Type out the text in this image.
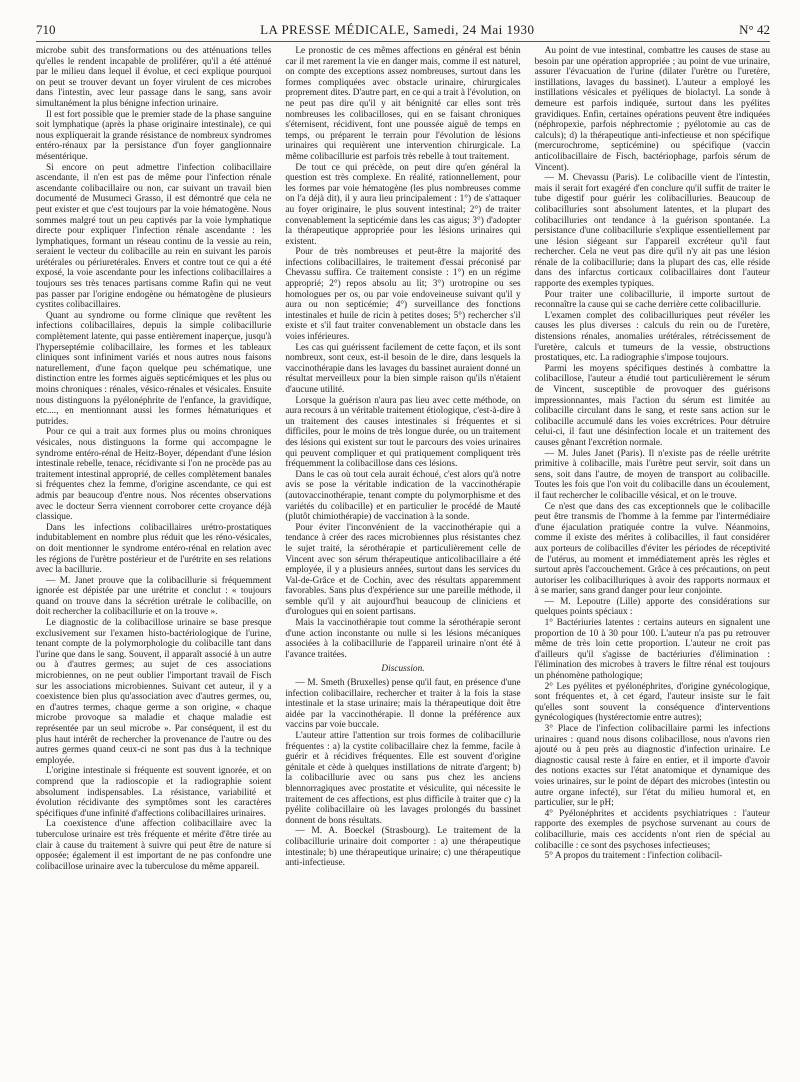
710	LA PRESSE MÉDICALE, Samedi, 24 Mai 1930	N° 42

microbe subit des transformations ou des atténuations telles qu'elles le rendent incapable de proliférer, qu'il a été atténué par le milieu dans lequel il évolue, et ceci explique pourquoi on peut se trouver devant un foyer virulent de ces microbes dans l'intestin, avec leur passage dans le sang, sans avoir simultanément la plus bénigne infection urinaire.

Il est fort possible que le premier stade de la phase sanguine soit lymphatique (après la phase originaire intestinale), ce qui nous expliquerait la grande résistance de nombreux syndromes entéro-rénaux par la persistance d'un foyer ganglionnaire mésentérique.

Si encore on peut admettre l'infection colibacillaire ascendante, il n'en est pas de même pour l'infection rénale ascendante colibacillaire ou non, car suivant un travail bien documenté de Musumeci Grasso, il est démontré que cela ne peut exister et que c'est toujours par la voie hématogène. Nous sommes malgré tout un peu captivés par la voie lymphatique directe pour expliquer l'infection rénale ascendante : les lymphatiques, formant un réseau continu de la vessie au rein, seraient le vecteur du colibacille au rein en suivant les parois urétérales ou périuretérales. Envers et contre tout ce qui a été exposé, la voie ascendante pour les infections colibacillaires a toujours ses très tenaces partisans comme Rafin qui ne veut pas passer par l'origine endogène ou hématogène de plusieurs cystites colibacillaires.

Quant au syndrome ou forme clinique que revêtent les infections colibacillaires, depuis la simple colibacillurie complètement latente, qui passe entièrement inaperçue, jusqu'à l'hyperseptémie colibacillaire, les formes et les tableaux cliniques sont infiniment variés et nous autres nous faisons naturellement, d'une façon quelque peu schématique, une distinction entre les formes aiguës septicémiques et les plus ou moins chroniques : rénales, vésico-rénales et vésicales. Ensuite nous distinguons la pyélonéphrite de l'enfance, la gravidique, etc...., en mentionnant aussi les formes hématuriques et putrides.

Pour ce qui a trait aux formes plus ou moins chroniques vésicales, nous distinguons la forme qui accompagne le syndrome entéro-rénal de Heitz-Boyer, dépendant d'une lésion intestinale rebelle, tenace, récidivante si l'on ne procède pas au traitement intestinal approprié, de celles complètement banales si fréquentes chez la femme, d'origine ascendante, ce qui est admis par beaucoup d'entre nous. Nos récentes observations avec le docteur Serra viennent corroborer cette croyance déjà classique.

Dans les infections colibacillaires urétro-prostatiques indubitablement en nombre plus réduit que les réno-vésicales, on doit mentionner le syndrome entéro-rénal en relation avec les régions de l'urètre postérieur et de l'urétrite en ses relations avec la bacillurie.

— M. Janet prouve que la colibacillurie si fréquemment ignorée est dépistée par une urétrite et conclut : « toujours quand on trouve dans la sécrétion urétrale le colibacille, on doit rechercher la colibacillurie et on la trouve ».

Le diagnostic de la colibacillose urinaire se base presque exclusivement sur l'examen histo-bactériologique de l'urine, tenant compte de la polymorphologie du colibacille tant dans l'urine que dans le sang. Souvent, il apparaît associé à un autre ou à d'autres germes; au sujet de ces associations microbiennes, on ne peut oublier l'important travail de Fisch sur les associations microbiennes. Suivant cet auteur, il y a coexistence bien plus qu'association avec d'autres germes, ou, en d'autres termes, chaque germe a son origine, « chaque microbe provoque sa maladie et chaque maladie est représentée par un seul microbe ». Par conséquent, il est du plus haut intérêt de rechercher la provenance de l'autre ou des autres germes quand ceux-ci ne sont pas dus à la technique employée.

L'origine intestinale si fréquente est souvent ignorée, et on comprend que la radioscopie et la radiographie soient absolument indispensables. La résistance, variabilité et évolution récidivante des symptômes sont les caractères spécifiques d'une infinité d'affections colibacillaires urinaires.

La coexistence d'une affection colibacillaire avec la tuberculose urinaire est très fréquente et mérite d'être tirée au clair à cause du traitement à suivre qui peut être de nature si opposée; également il est important de ne pas confondre une colibacillose urinaire avec la tuberculose du même appareil.

Le pronostic de ces mêmes affections en général est bénin car il met rarement la vie en danger mais, comme il est naturel, on compte des exceptions assez nombreuses, surtout dans les formes compliquées avec obstacle urinaire, chirurgicales proprement dites. D'autre part, en ce qui a trait à l'évolution, on ne peut pas dire qu'il y ait bénignité car elles sont très nombreuses les colibacilloses, qui en se faisant chroniques s'éternisent, récidivent, font une poussée aiguë de temps en temps, ou préparent le terrain pour l'évolution de lésions urinaires qui requièrent une intervention chirurgicale. La même colibacillurie est parfois très rebelle à tout traitement.

De tout ce qui précède, on peut dire qu'en général la question est très complexe. En réalité, rationnellement, pour les formes par voie hématogène (les plus nombreuses comme on l'a déjà dit), il y aura lieu principalement : 1°) de s'attaquer au foyer originaire, le plus souvent intestinal; 2°) de traiter convenablement la septicémie dans les cas aigus; 3°) d'adopter la thérapeutique appropriée pour les lésions urinaires qui existent.

Pour de très nombreuses et peut-être la majorité des infections colibacillaires, le traitement d'essai préconisé par Chevassu suffira. Ce traitement consiste : 1°) en un régime approprié; 2°) repos absolu au lit; 3°) urotropine ou ses homologues per os, ou par voie endoveineuse suivant qu'il y aura ou non septicémie; 4°) surveillance des fonctions intestinales et huile de ricin à petites doses; 5°) rechercher s'il existe et s'il faut traiter convenablement un obstacle dans les voies inférieures.

Les cas qui guérissent facilement de cette façon, et ils sont nombreux, sont ceux, est-il besoin de le dire, dans lesquels la vaccinothérapie dans les lavages du bassinet auraient donné un résultat merveilleux pour la bien simple raison qu'ils n'étaient d'aucune utilité.

Lorsque la guérison n'aura pas lieu avec cette méthode, on aura recours à un véritable traitement étiologique, c'est-à-dire à un traitement des causes intestinales si fréquentes et si difficiles, pour le moins de très longue durée, ou un traitement des lésions qui existent sur tout le parcours des voies urinaires qui peuvent compliquer et qui pratiquement compliquent très fréquemment la colibacillose dans ces lésions.

Dans le cas où tout cela aurait échoué, c'est alors qu'à notre avis se pose la véritable indication de la vaccinothérapie (autovaccinothérapie, tenant compte du polymorphisme et des variétés du colibacille) et en particulier le procédé de Mauté (plutôt chimiothérapie) de vaccination à la sonde.

Pour éviter l'inconvénient de la vaccinothérapie qui a tendance à créer des races microbiennes plus résistantes chez le sujet traité, la sérothérapie et particulièrement celle de Vincent avec son sérum thérapeutique anticolibacillaire a été employée, il y a plusieurs années, surtout dans les services du Val-de-Grâce et de Cochin, avec des résultats apparemment favorables. Sans plus d'expérience sur une pareille méthode, il semble qu'il y ait aujourd'hui beaucoup de cliniciens et d'urologues qui en soient partisans.

Mais la vaccinothérapie tout comme la sérothérapie seront d'une action inconstante ou nulle si les lésions mécaniques associées à la colibacillurie de l'appareil urinaire n'ont été à l'avance traitées.

Discussion.

— M. Smeth (Bruxelles) pense qu'il faut, en présence d'une infection colibacillaire, rechercher et traiter à la fois la stase intestinale et la stase urinaire; mais la thérapeutique doit être aidée par la vaccinothérapie. Il donne la préférence aux vaccins par voie buccale.

L'auteur attire l'attention sur trois formes de colibacillurie fréquentes : a) la cystite colibacillaire chez la femme, facile à guérir et à récidives fréquentes. Elle est souvent d'origine génitale et cède à quelques instillations de nitrate d'argent; b) la colibacillurie avec ou sans pus chez les anciens blennorragiques avec prostatite et vésiculite, qui nécessite le traitement de ces affections, est plus difficile à traiter que c) la pyélite colibacillaire où les lavages prolongés du bassinet donnent de bons résultats.

— M. A. Boeckel (Strasbourg). Le traitement de la colibacillurie urinaire doit comporter : a) une thérapeutique intestinale; b) une thérapeutique urinaire; c) une thérapeutique anti-infectieuse.

Au point de vue intestinal, combattre les causes de stase au besoin par une opération appropriée ; au point de vue urinaire, assurer l'évacuation de l'urine (dilater l'urètre ou l'uretère, instillations, lavages du bassinet). L'auteur a employé les instillations vésicales et pyéliques de biolactyl. La sonde à demeure est parfois indiquée, surtout dans les pyélites gravidiques. Enfin, certaines opérations peuvent être indiquées (néphropexie, parfois néphrectomie ; pyélotomie au cas de calculs); d) la thérapeutique anti-infectieuse et non spécifique (mercurochrome, septicémine) ou spécifique (vaccin anticolibacillaire de Fisch, bactériophage, parfois sérum de Vincent).

— M. Chevassu (Paris). Le colibacille vient de l'intestin, mais il serait fort exagéré d'en conclure qu'il suffit de traiter le tube digestif pour guérir les colibacilluries. Beaucoup de colibacilluries sont absolument latentes, et la plupart des colibacilluries ont tendance à la guérison spontanée. La persistance d'une colibacillurie s'explique essentiellement par une lésion siégeant sur l'appareil excréteur qu'il faut rechercher. Cela ne veut pas dire qu'il n'y ait pas une lésion rénale de la colibacillurie; dans la plupart des cas, elle réside dans des infarctus corticaux colibacillaires dont l'auteur rapporte des exemples typiques.

Pour traiter une colibacillurie, il importe surtout de reconnaître la cause qui se cache derrière cette colibacillurie.

L'examen complet des colibacilluriques peut révéler les causes les plus diverses : calculs du rein ou de l'uretère, distensions rénales, anomalies urétérales, rétrécissement de l'uretère, calculs et tumeurs de la vessie, obstructions prostatiques, etc. La radiographie s'impose toujours.

Parmi les moyens spécifiques destinés à combattre la colibacillose, l'auteur a étudié tout particulièrement le sérum de Vincent, susceptible de provoquer des guérisons impressionnantes, mais l'action du sérum est limitée au colibacille circulant dans le sang, et reste sans action sur le colibacille accumulé dans les voies excrétrices. Pour détruire celui-ci, il faut une désinfection locale et un traitement des causes gênant l'excrétion normale.

— M. Jules Janet (Paris). Il n'existe pas de réelle urétrite primitive à colibacille, mais l'urètre peut servir, soit dans un sens, soit dans l'autre, de moyen de transport au colibacille. Toutes les fois que l'on voit du colibacille dans un écoulement, il faut rechercher le colibacille vésical, et on le trouve.

Ce n'est que dans des cas exceptionnels que le colibacille peut être transmis de l'homme à la femme par l'intermédiaire d'une éjaculation pratiquée contre la vulve. Néanmoins, comme il existe des mérites à colibacilles, il faut considérer aux porteurs de colibacilles d'éviter les périodes de réceptivité de l'utérus, au moment et immédiatement après les règles et surtout après l'accouchement. Grâce à ces précautions, on peut autoriser les colibacilluriques à avoir des rapports normaux et à se marier, sans grand danger pour leur conjointe.

— M. Lepoutre (Lille) apporte des considérations sur quelques points spéciaux :

1° Bactériuries latentes : certains auteurs en signalent une proportion de 10 à 30 pour 100. L'auteur n'a pas pu retrouver même de très loin cette proportion. L'auteur ne croit pas d'ailleurs qu'il s'agisse de bactériuries d'élimination : l'élimination des microbes à travers le filtre rénal est toujours un phénomène pathologique;

2° Les pyélites et pyélonéphrites, d'origine gynécologique, sont fréquentes et, à cet égard, l'auteur insiste sur le fait qu'elles sont souvent la conséquence d'interventions gynécologiques (hystérectomie entre autres);

3° Place de l'infection colibacillaire parmi les infections urinaires : quand nous disons colibacillose, nous n'avons rien ajouté ou à peu près au diagnostic d'infection urinaire. Le diagnostic causal reste à faire en entier, et il importe d'avoir des notions exactes sur l'état anatomique et dynamique des voies urinaires, sur le point de départ des microbes (intestin ou autre organe infecté), sur l'état du milieu humoral et, en particulier, sur le pH;

4° Pyélonéphrites et accidents psychiatriques : l'auteur rapporte des exemples de psychose survenant au cours de colibacillurie, mais ces accidents n'ont rien de spécial au colibacille : ce sont des psychoses infectieuses;

5° A propos du traitement : l'infection colibacil-
